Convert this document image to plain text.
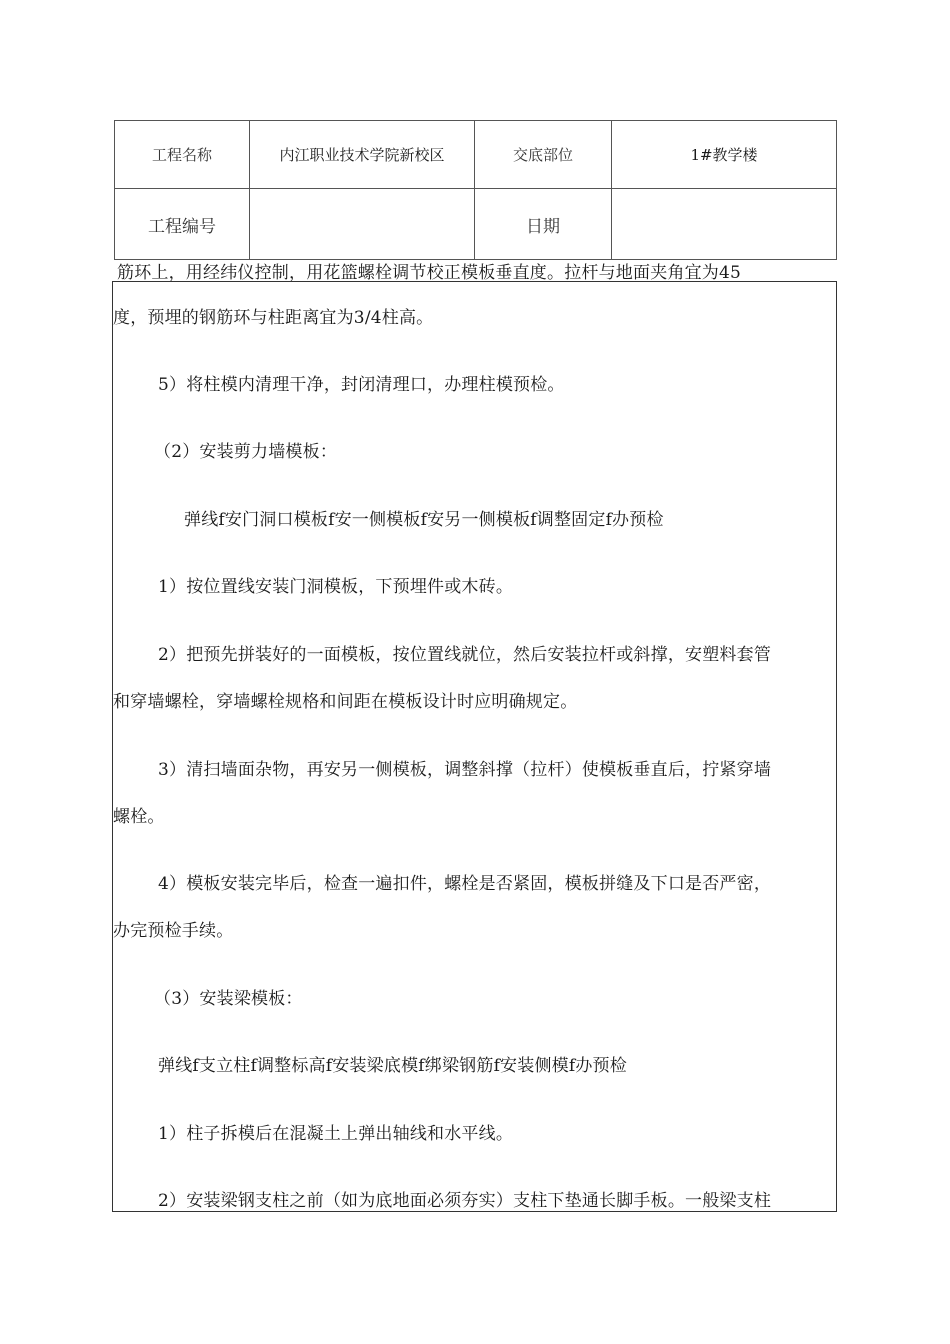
工程名称	内江职业技术学院新校区	交底部位	1#教学楼
工程编号		日期	
筋环上，用经纬仪控制，用花篮螺栓调节校正模板垂直度。拉杆与地面夹角宜为45
度，预埋的钢筋环与柱距离宜为3/4柱高。
5）将柱模内清理干净，封闭清理口，办理柱模预检。
（2）安装剪力墙模板：
弹线f安门洞口模板f安一侧模板f安另一侧模板f调整固定f办预检
1）按位置线安装门洞模板，下预埋件或木砖。
2）把预先拼装好的一面模板，按位置线就位，然后安装拉杆或斜撑，安塑料套管
和穿墙螺栓，穿墙螺栓规格和间距在模板设计时应明确规定。
3）清扫墙面杂物，再安另一侧模板，调整斜撑（拉杆）使模板垂直后，拧紧穿墙
螺栓。
4）模板安装完毕后，检查一遍扣件，螺栓是否紧固，模板拼缝及下口是否严密，
办完预检手续。
（3）安装梁模板：
弹线f支立柱f调整标高f安装梁底模f绑梁钢筋f安装侧模f办预检
1）柱子拆模后在混凝土上弹出轴线和水平线。
2）安装梁钢支柱之前（如为底地面必须夯实）支柱下垫通长脚手板。一般梁支柱
